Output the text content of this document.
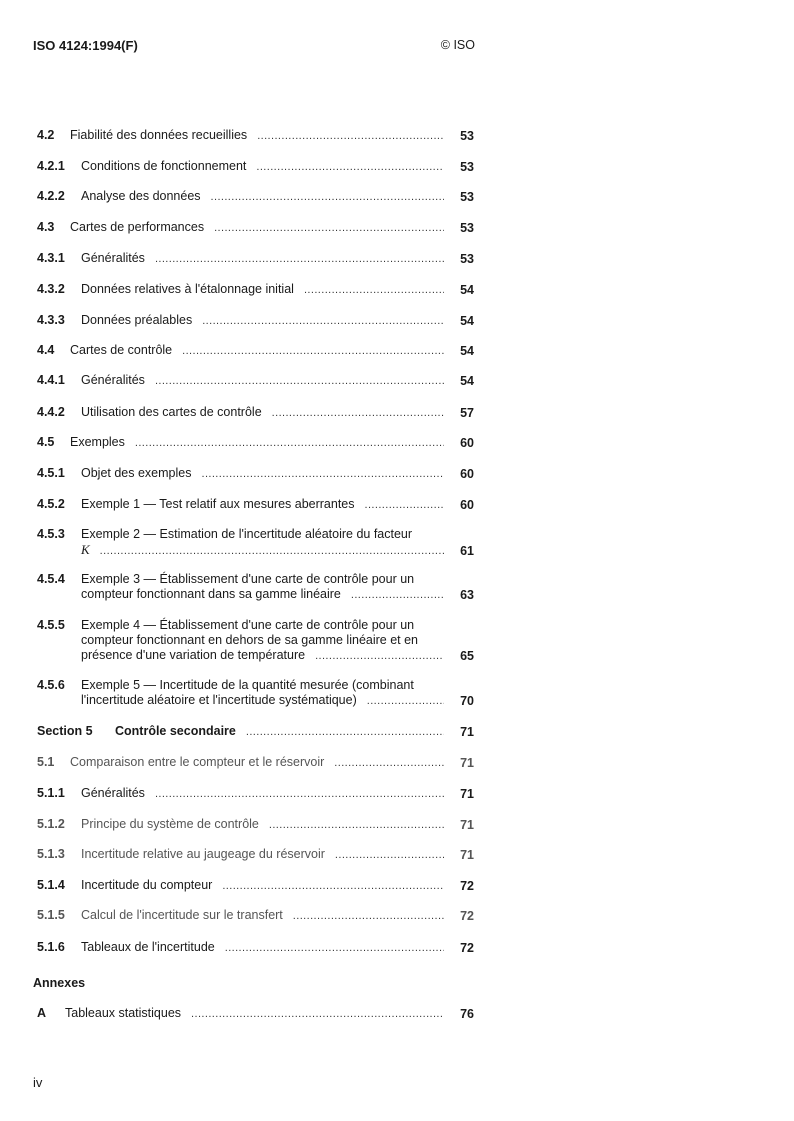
ISO 4124:1994(F)	© ISO
4.2 Fiabilité des données recueillies .....	53
4.2.1 Conditions de fonctionnement .....	53
4.2.2 Analyse des données .....	53
4.3 Cartes de performances .....	53
4.3.1 Généralités .....	53
4.3.2 Données relatives à l'étalonnage initial .....	54
4.3.3 Données préalables .....	54
4.4 Cartes de contrôle .....	54
4.4.1 Généralités .....	54
4.4.2 Utilisation des cartes de contrôle .....	57
4.5 Exemples .....	60
4.5.1 Objet des exemples .....	60
4.5.2 Exemple 1 — Test relatif aux mesures aberrantes .....	60
4.5.3 Exemple 2 — Estimation de l'incertitude aléatoire du facteur
K .....	61
4.5.4 Exemple 3 — Établissement d'une carte de contrôle pour un
compteur fonctionnant dans sa gamme linéaire .....	63
4.5.5 Exemple 4 — Établissement d'une carte de contrôle pour un
compteur fonctionnant en dehors de sa gamme linéaire et en
présence d'une variation de température .....	65
4.5.6 Exemple 5 — Incertitude de la quantité mesurée (combinant
l'incertitude aléatoire et l'incertitude systématique) .....	70
Section 5 Contrôle secondaire .....	71
5.1 Comparaison entre le compteur et le réservoir .....	71
5.1.1 Généralités .....	71
5.1.2 Principe du système de contrôle .....	71
5.1.3 Incertitude relative au jaugeage du réservoir .....	71
5.1.4 Incertitude du compteur .....	72
5.1.5 Calcul de l'incertitude sur le transfert .....	72
5.1.6 Tableaux de l'incertitude .....	72
Annexes
A Tableaux statistiques .....	76
iv
